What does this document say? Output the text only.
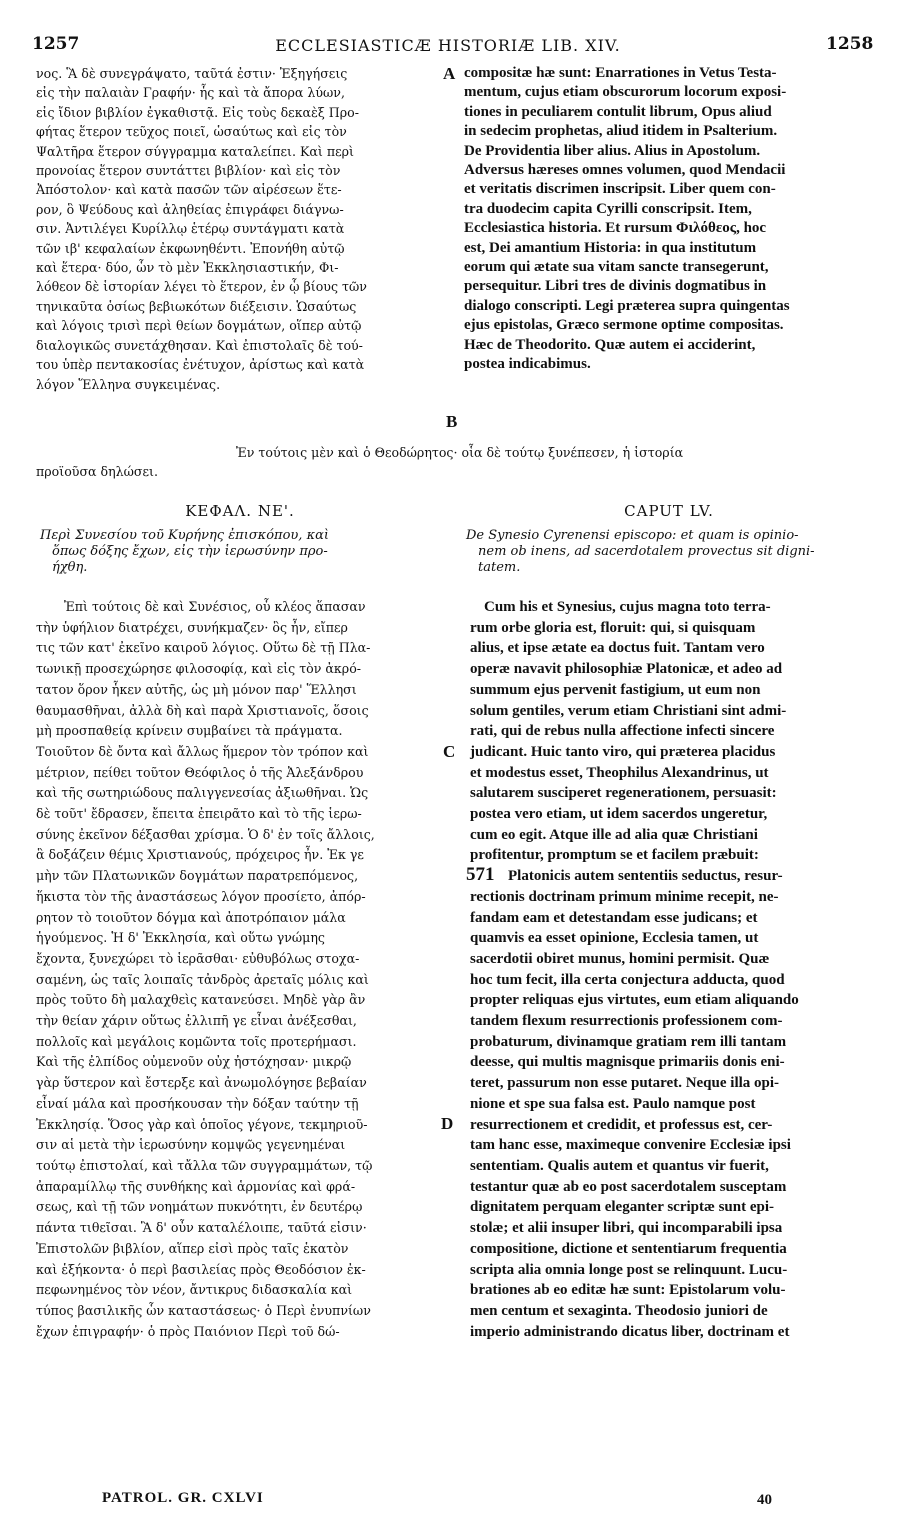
1257	ECCLESIASTICÆ HISTORIÆ LIB. XIV.	1258
νος. Ἃ δὲ συνεγράψατο, ταῦτά ἐστιν· Ἐξηγήσεις
εἰς τὴν παλαιὰν Γραφήν· ἧς καὶ τὰ ἄπορα λύων,
εἰς ἴδιον βιβλίον ἐγκαθιστᾷ. Εἰς τοὺς δεκαὲξ Προ-
φήτας ἕτερον τεῦχος ποιεῖ, ὡσαύτως καὶ εἰς τὸν
Ψαλτῆρα ἕτερον σύγγραμμα καταλείπει. Καὶ περὶ
προνοίας ἕτερον συντάττει βιβλίον· καὶ εἰς τὸν
Ἀπόστολον· καὶ κατὰ πασῶν τῶν αἱρέσεων ἕτε-
ρον, ὃ Ψεύδους καὶ ἀληθείας ἐπιγράφει διάγνω-
σιν. Ἀντιλέγει Κυρίλλῳ ἑτέρῳ συντάγματι κατὰ
τῶν ιβ' κεφαλαίων ἐκφωνηθέντι. Ἐπονήθη αὐτῷ
καὶ ἕτερα· δύο, ὧν τὸ μὲν Ἐκκλησιαστικήν, Φι-
λόθεον δὲ ἱστορίαν λέγει τὸ ἕτερον, ἐν ᾧ βίους τῶν
τηνικαῦτα ὁσίως βεβιωκότων διέξεισιν. Ὡσαύτως
καὶ λόγοις τρισὶ περὶ θείων δογμάτων, οἵπερ αὐτῷ
διαλογικῶς συνετάχθησαν. Καὶ ἐπιστολαῖς δὲ τού-
του ὑπὲρ πεντακοσίας ἐνέτυχον, ἀρίστως καὶ κατὰ
λόγον Ἕλληνα συγκειμένας.
compositæ hæ sunt: Enarrationes in Vetus Testa-
mentum, cujus etiam obscurorum locorum exposi-
tiones in peculiarem contulit librum, Opus aliud
in sedecim prophetas, aliud itidem in Psalterium.
De Providentia liber alius. Alius in Apostolum.
Adversus hæreses omnes volumen, quod Mendacii
et veritatis discrimen inscripsit. Liber quem con-
tra duodecim capita Cyrilli conscripsit. Item,
Ecclesiastica historia. Et rursum Φιλόθεος, hoc
est, Dei amantium Historia: in qua institutum
eorum qui ætate sua vitam sancte transegerunt,
persequitur. Libri tres de divinis dogmatibus in
dialogo conscripti. Legi præterea supra quingentas
ejus epistolas, Græco sermone optime compositas.
Hæc de Theodorito. Quæ autem ei acciderint,
postea indicabimus.
Ἐν τούτοις μὲν καὶ ὁ Θεοδώρητος· οἷα δὲ τούτῳ ξυνέπεσεν, ἡ ἱστορία
προϊοῦσα δηλώσει.
A
B
C
D
ΚΕΦΑΛ. ΝΕ'.	CAPUT LV.
Περὶ Συνεσίου τοῦ Κυρήνης ἐπισκόπου, καὶ
ὅπως δόξης ἔχων, εἰς τὴν ἱερωσύνην προ-
ήχθη.
De Synesio Cyrenensi episcopo: et quam is opinio-
nem ob inens, ad sacerdotalem provectus sit digni-
tatem.
Ἐπὶ τούτοις δὲ καὶ Συνέσιος, οὗ κλέος ἅπασαν
τὴν ὑφήλιον διατρέχει, συνήκμαζεν· ὃς ἦν, εἴπερ
τις τῶν κατ' ἐκεῖνο καιροῦ λόγιος. Οὕτω δὲ τῇ Πλα-
τωνικῇ προσεχώρησε φιλοσοφίᾳ, καὶ εἰς τὸν ἀκρό-
τατον ὅρον ἧκεν αὐτῆς, ὡς μὴ μόνον παρ' Ἕλλησι
θαυμασθῆναι, ἀλλὰ δὴ καὶ παρὰ Χριστιανοῖς, ὅσοις
μὴ προσπαθείᾳ κρίνειν συμβαίνει τὰ πράγματα.
Τοιοῦτον δὲ ὄντα καὶ ἄλλως ἥμερον τὸν τρόπον καὶ
μέτριον, πείθει τοῦτον Θεόφιλος ὁ τῆς Ἀλεξάνδρου
καὶ τῆς σωτηριώδους παλιγγενεσίας ἀξιωθῆναι. Ὡς
δὲ τοῦτ' ἔδρασεν, ἔπειτα ἐπειρᾶτο καὶ τὸ τῆς ἱερω-
σύνης ἐκεῖνον δέξασθαι χρίσμα. Ὁ δ' ἐν τοῖς ἄλλοις,
ἃ δοξάζειν θέμις Χριστιανούς, πρόχειρος ἦν. Ἐκ γε
μὴν τῶν Πλατωνικῶν δογμάτων παρατρεπόμενος,
ἥκιστα τὸν τῆς ἀναστάσεως λόγον προσίετο, ἀπόρ-
ρητον τὸ τοιοῦτον δόγμα καὶ ἀποτρόπαιον μάλα
ἡγούμενος. Ἡ δ' Ἐκκλησία, καὶ οὕτω γνώμης
ἔχοντα, ξυνεχώρει τὸ ἱερᾶσθαι· εὐθυβόλως στοχα-
σαμένη, ὡς ταῖς λοιπαῖς τἀνδρὸς ἀρεταῖς μόλις καὶ
πρὸς τοῦτο δὴ μαλαχθεὶς κατανεύσει. Μηδὲ γὰρ ἂν
τὴν θείαν χάριν οὕτως ἐλλιπῆ γε εἶναι ἀνέξεσθαι,
πολλοῖς καὶ μεγάλοις κομῶντα τοῖς προτερήμασι.
Καὶ τῆς ἐλπίδος οὐμενοῦν οὐχ ἠστόχησαν· μικρῷ
γὰρ ὕστερον καὶ ἔστερξε καὶ ἀνωμολόγησε βεβαίαν
εἶναί μάλα καὶ προσήκουσαν τὴν δόξαν ταύτην τῇ
Ἐκκλησίᾳ. Ὅσος γὰρ καὶ ὁποῖος γέγονε, τεκμηριοῦ-
σιν αἱ μετὰ τὴν ἱερωσύνην κομψῶς γεγενημέναι
τούτῳ ἐπιστολαί, καὶ τἄλλα τῶν συγγραμμάτων, τῷ
ἀπαραμίλλῳ τῆς συνθήκης καὶ ἁρμονίας καὶ φρά-
σεως, καὶ τῇ τῶν νοημάτων πυκνότητι, ἐν δευτέρῳ
πάντα τιθεῖσαι. Ἃ δ' οὖν καταλέλοιπε, ταῦτά εἰσιν·
Ἐπιστολῶν βιβλίον, αἵπερ εἰσὶ πρὸς ταῖς ἑκατὸν
καὶ ἑξήκοντα· ὁ περὶ βασιλείας πρὸς Θεοδόσιον ἐκ-
πεφωνημένος τὸν νέον, ἄντικρυς διδασκαλία καὶ
τύπος βασιλικῆς ὧν καταστάσεως· ὁ Περὶ ἐνυπνίων
ἔχων ἐπιγραφήν· ὁ πρὸς Παιόνιον Περὶ τοῦ δώ-
Cum his et Synesius, cujus magna toto terra-
rum orbe gloria est, floruit: qui, si quisquam
alius, et ipse ætate ea doctus fuit. Tantam vero
operæ navavit philosophiæ Platonicæ, et adeo ad
summum ejus pervenit fastigium, ut eum non
solum gentiles, verum etiam Christiani sint admi-
rati, qui de rebus nulla affectione infecti sincere
judicant. Huic tanto viro, qui præterea placidus
et modestus esset, Theophilus Alexandrinus, ut
salutarem susciperet regenerationem, persuasit:
postea vero etiam, ut idem sacerdos ungeretur,
cum eo egit. Atque ille ad alia quæ Christiani
profitentur, promptum se et facilem præbuit:
Platonicis autem sententiis seductus, resur-
rectionis doctrinam primum minime recepit, ne-
fandam eam et detestandam esse judicans; et
quamvis ea esset opinione, Ecclesia tamen, ut
sacerdotii obiret munus, homini permisit. Quæ
hoc tum fecit, illa certa conjectura adducta, quod
propter reliquas ejus virtutes, eum etiam aliquando
tandem flexum resurrectionis professionem com-
probaturum, divinamque gratiam rem illi tantam
deesse, qui multis magnisque primariis donis eni-
teret, passurum non esse putaret. Neque illa opi-
nione et spe sua falsa est. Paulo namque post
resurrectionem et credidit, et professus est, cer-
tam hanc esse, maximeque convenire Ecclesiæ ipsi
sententiam. Qualis autem et quantus vir fuerit,
testantur quæ ab eo post sacerdotalem susceptam
dignitatem perquam eleganter scriptæ sunt epi-
stolæ; et alii insuper libri, qui incomparabili ipsa
compositione, dictione et sententiarum frequentia
scripta alia omnia longe post se relinquunt. Lucu-
brationes ab eo editæ hæ sunt: Epistolarum volu-
men centum et sexaginta. Theodosio juniori de
imperio administrando dicatus liber, doctrinam et
571
PATROL. GR. CXLVI	40
